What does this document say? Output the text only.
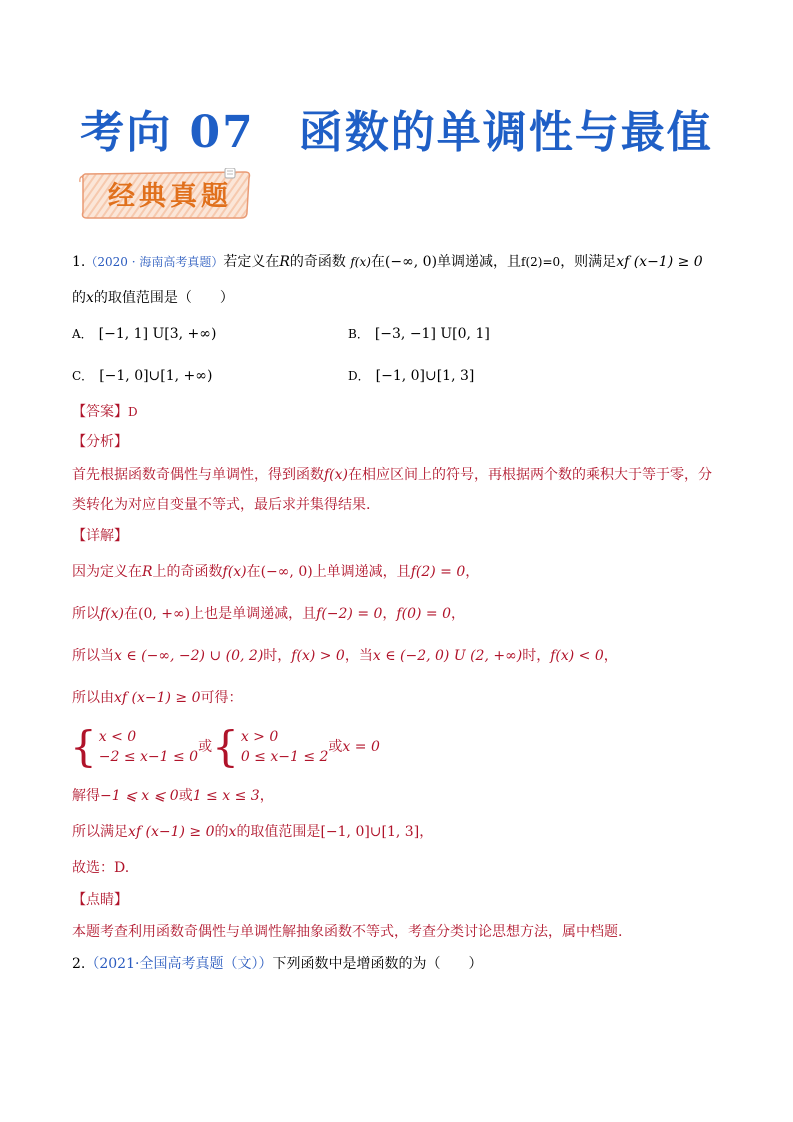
考向 07 函数的单调性与最值
经典真题
1.（2020 · 海南高考真题）若定义在R的奇函数 f(x)在(−∞, 0)单调递减，且f(2)=0，则满足xf (x−1) ≥ 0
的x的取值范围是（　　）
A． [−1, 1] U[3, +∞)	B． [−3, −1] U[0, 1]
C． [−1, 0]∪[1, +∞)	D． [−1, 0]∪[1, 3]
【答案】D
【分析】
首先根据函数奇偶性与单调性，得到函数f(x)在相应区间上的符号，再根据两个数的乘积大于等于零，分
类转化为对应自变量不等式，最后求并集得结果.
【详解】
因为定义在R上的奇函数f(x)在(−∞, 0)上单调递减，且f(2) = 0，
所以f(x)在(0, +∞)上也是单调递减，且f(−2) = 0，f(0) = 0，
所以当x ∈ (−∞, −2) ∪ (0, 2)时，f(x) > 0，当x ∈ (−2, 0) U (2, +∞)时，f(x) < 0，
所以由xf (x−1) ≥ 0可得：
{ x < 0
−2 ≤ x−1 ≤ 0
或 { x > 0
0 ≤ x−1 ≤ 2
或x = 0
解得−1 ⩽ x ⩽ 0或1 ≤ x ≤ 3，
所以满足xf (x−1) ≥ 0的x的取值范围是[−1, 0]∪[1, 3]，
故选：D.
【点睛】
本题考查利用函数奇偶性与单调性解抽象函数不等式，考查分类讨论思想方法，属中档题.
2.（2021·全国高考真题（文））下列函数中是增函数的为（　　）
